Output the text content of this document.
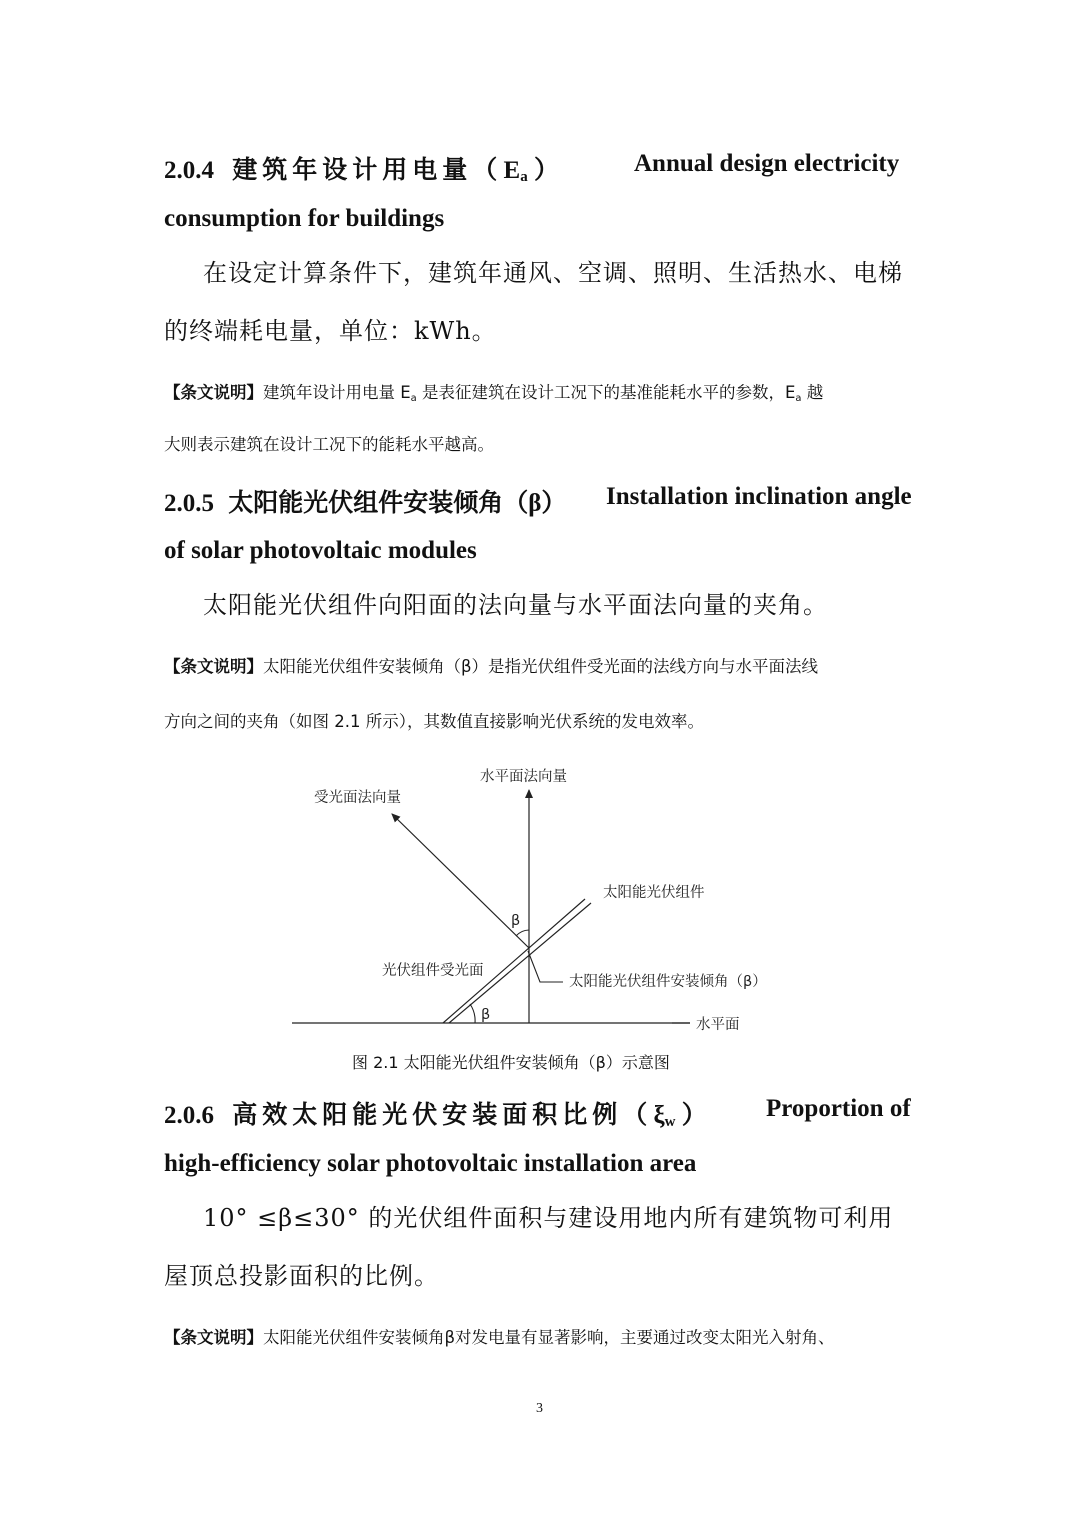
2.0.4 建筑年设计用电量（ $E_a$ ）	Annual design electricity
consumption for buildings
在设定计算条件下，建筑年通风、空调、照明、生活热水、电梯
的终端耗电量，单位：kWh。
【条文说明】建筑年设计用电量 $E_a$ 是表征建筑在设计工况下的基准能耗水平的参数，$E_a$ 越
大则表示建筑在设计工况下的能耗水平越高。
2.0.5 太阳能光伏组件安装倾角（β） Installation inclination angle
of solar photovoltaic modules
太阳能光伏组件向阳面的法向量与水平面法向量的夹角。
【条文说明】太阳能光伏组件安装倾角（β）是指光伏组件受光面的法线方向与水平面法线
方向之间的夹角（如图 2.1 所示），其数值直接影响光伏系统的发电效率。
水平面法向量
受光面法向量
太阳能光伏组件
β
光伏组件受光面
太阳能光伏组件安装倾角（β）
β
水平面
图 2.1 太阳能光伏组件安装倾角（β）示意图
2.0.6 高效太阳能光伏安装面积比例（ $\xi_w$ ） Proportion of
high-efficiency solar photovoltaic installation area
10° ≤β≤30° 的光伏组件面积与建设用地内所有建筑物可利用
屋顶总投影面积的比例。
【条文说明】太阳能光伏组件安装倾角β对发电量有显著影响，主要通过改变太阳光入射角、
3
